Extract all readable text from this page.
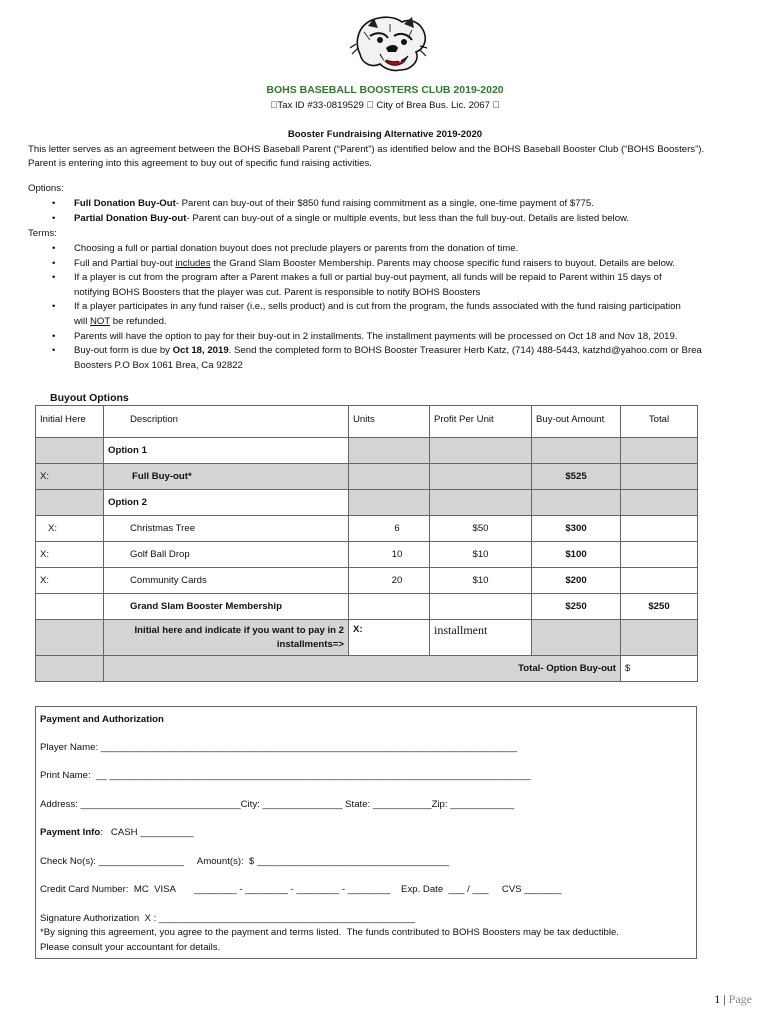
BOHS BASEBALL BOOSTERS CLUB 2019-2020
Tax ID #33-0819529 City of Brea Bus. Lic. 2067
Booster Fundraising Alternative 2019-2020
This letter serves as an agreement between the BOHS Baseball Parent (“Parent”) as identified below and the BOHS Baseball Booster Club (“BOHS Boosters”).
Parent is entering into this agreement to buy out of specific fund raising activities.
Options:
• Full Donation Buy-Out- Parent can buy-out of their $850 fund raising commitment as a single, one-time payment of $775.
• Partial Donation Buy-out- Parent can buy-out of a single or multiple events, but less than the full buy-out. Details are listed below.
Terms:
• Choosing a full or partial donation buyout does not preclude players or parents from the donation of time.
• Full and Partial buy-out includes the Grand Slam Booster Membership. Parents may choose specific fund raisers to buyout. Details are below.
• If a player is cut from the program after a Parent makes a full or partial buy-out payment, all funds will be repaid to Parent within 15 days of
notifying BOHS Boosters that the player was cut. Parent is responsible to notify BOHS Boosters
• If a player participates in any fund raiser (i.e., sells product) and is cut from the program, the funds associated with the fund raising participation
will NOT be refunded.
• Parents will have the option to pay for their buy-out in 2 installments. The installment payments will be processed on Oct 18 and Nov 18, 2019.
• Buy-out form is due by Oct 18, 2019. Send the completed form to BOHS Booster Treasurer Herb Katz, (714) 488-5443, katzhd@yahoo.com or Brea
Boosters P.O Box 1061 Brea, Ca 92822
Buyout Options
Initial Here	Description	Units	Profit Per Unit	Buy-out Amount	Total
	Option 1				
X:	Full Buy-out*			$525	
	Option 2				
X:	Christmas Tree	6	$50	$300	
X:	Golf Ball Drop	10	$10	$100	
X:	Community Cards	20	$10	$200	
	Grand Slam Booster Membership			$250	$250
	Initial here and indicate if you want to pay in 2
installments=>	X:	installment		
	Total- Option Buy-out				$
Payment and Authorization
Player Name: ______________________________________________________________________________
Print Name:  __ _______________________________________________________________________________
Address: ______________________________City: _______________ State: ___________Zip: ____________
Payment Info:   CASH __________
Check No(s): ________________     Amount(s):  $ ____________________________________
Credit Card Number:  MC  VISA       ________ - ________ - ________ - ________    Exp. Date  ___ / ___     CVS _______
Signature Authorization  X : ________________________________________________
*By signing this agreement, you agree to the payment and terms listed.  The funds contributed to BOHS Boosters may be tax deductible.
Please consult your accountant for details.
1 | Page
